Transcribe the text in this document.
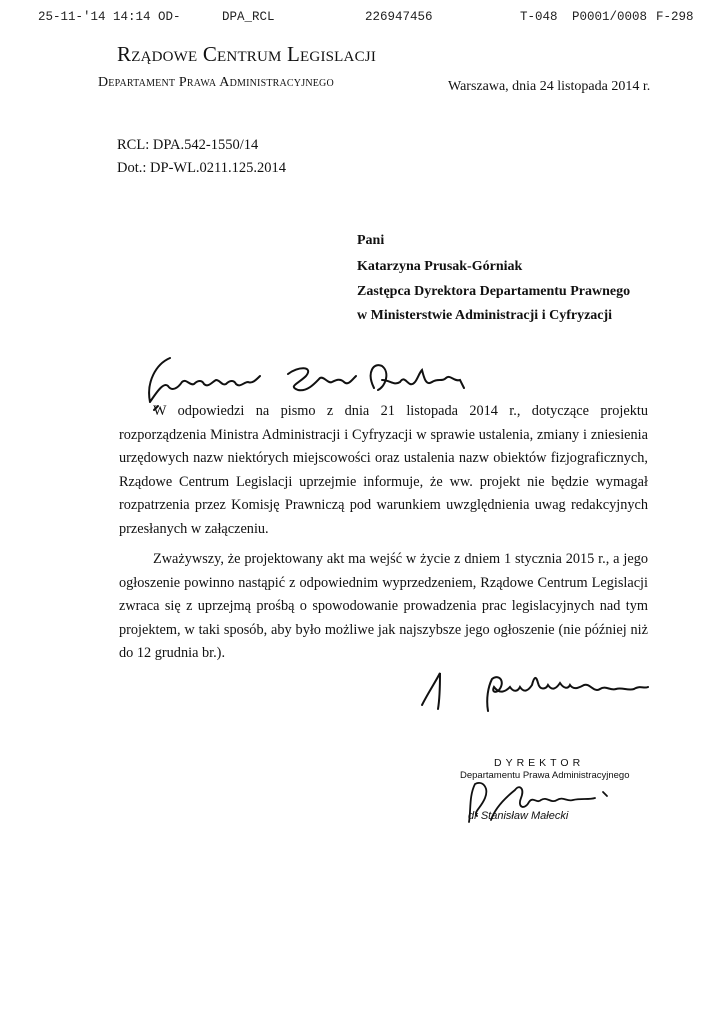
25-11-'14 14:14 OD-	DPA_RCL	226947456	T-048 P0001/0008 F-298
Rządowe Centrum Legislacji
Departament Prawa Administracyjnego	Warszawa, dnia 24 listopada 2014 r.
RCL: DPA.542-1550/14
Dot.: DP-WL.0211.125.2014
Pani
Katarzyna Prusak-Górniak
Zastępca Dyrektora Departamentu Prawnego
w Ministerstwie Administracji i Cyfryzacji

W odpowiedzi na pismo z dnia 21 listopada 2014 r., dotyczące projektu rozporządzenia Ministra Administracji i Cyfryzacji w sprawie ustalenia, zmiany i zniesienia urzędowych nazw niektórych miejscowości oraz ustalenia nazw obiektów fizjograficznych, Rządowe Centrum Legislacji uprzejmie informuje, że ww. projekt nie będzie wymagał rozpatrzenia przez Komisję Prawniczą pod warunkiem uwzględnienia uwag redakcyjnych przesłanych w załączeniu.

Zważywszy, że projektowany akt ma wejść w życie z dniem 1 stycznia 2015 r., a jego ogłoszenie powinno nastąpić z odpowiednim wyprzedzeniem, Rządowe Centrum Legislacji zwraca się z uprzejmą prośbą o spowodowanie prowadzenia prac legislacyjnych nad tym projektem, w taki sposób, aby było możliwe jak najszybsze jego ogłoszenie (nie później niż do 12 grudnia br.).

DYREKTOR
Departamentu Prawa Administracyjnego
dr Stanisław Małecki
